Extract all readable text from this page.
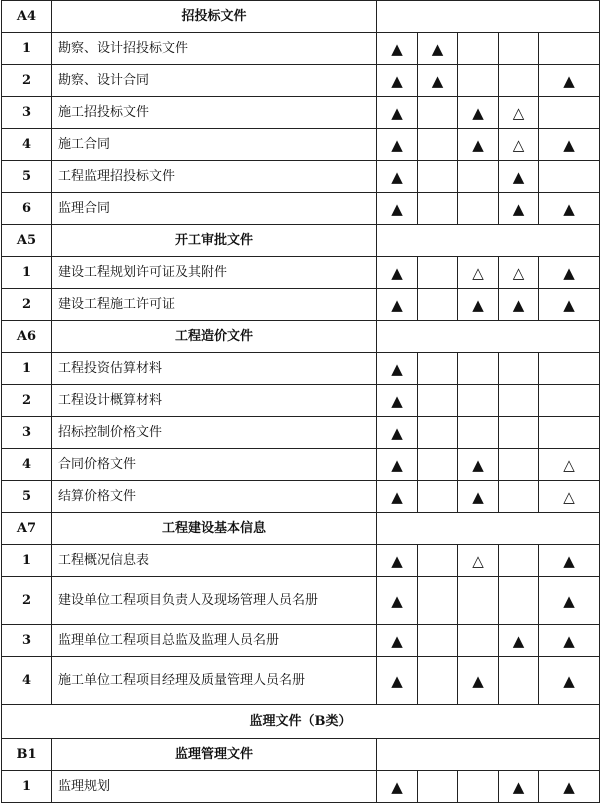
A4	招投标文件					
1	勘察、设计招投标文件	▲	▲			
2	勘察、设计合同	▲	▲			▲
3	施工招投标文件	▲		▲	△	
4	施工合同	▲		▲	△	▲
5	工程监理招投标文件	▲			▲	
6	监理合同	▲			▲	▲
A5	开工审批文件					
1	建设工程规划许可证及其附件	▲		△	△	▲
2	建设工程施工许可证	▲		▲	▲	▲
A6	工程造价文件					
1	工程投资估算材料	▲				
2	工程设计概算材料	▲				
3	招标控制价格文件	▲				
4	合同价格文件	▲		▲		△
5	结算价格文件	▲		▲		△
A7	工程建设基本信息					
1	工程概况信息表	▲		△		▲
2	建设单位工程项目负责人及现场管理人员名册	▲				▲
3	监理单位工程项目总监及监理人员名册	▲			▲	▲
4	施工单位工程项目经理及质量管理人员名册	▲		▲		▲
监理文件（B类）						
B1	监理管理文件					
1	监理规划	▲			▲	▲
